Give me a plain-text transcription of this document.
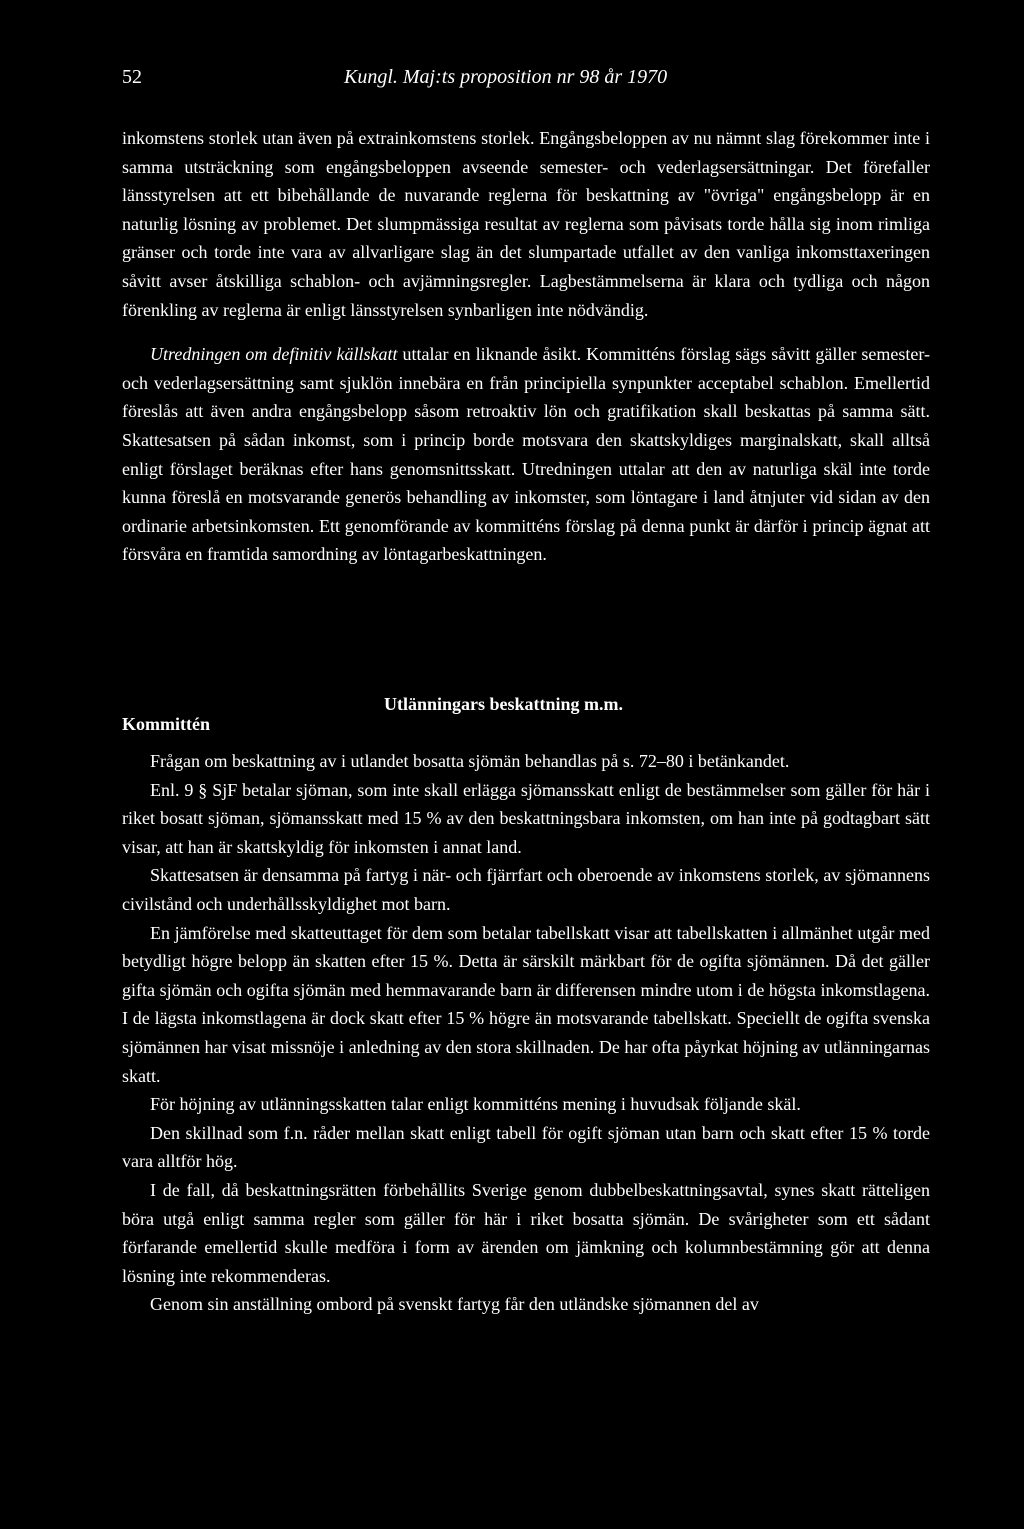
52	Kungl. Maj:ts proposition nr 98 år 1970

inkomstens storlek utan även på extrainkomstens storlek. Engångsbeloppen av nu nämnt slag förekommer inte i samma utsträckning som engångsbeloppen avseende semester- och vederlagsersättningar. Det förefaller länsstyrelsen att ett bibehållande de nuvarande reglerna för beskattning av "övriga" engångsbelopp är en naturlig lösning av problemet. Det slumpmässiga resultat av reglerna som påvisats torde hålla sig inom rimliga gränser och torde inte vara av allvarligare slag än det slumpartade utfallet av den vanliga inkomsttaxeringen såvitt avser åtskilliga schablon- och avjämningsregler. Lagbestämmelserna är klara och tydliga och någon förenkling av reglerna är enligt länsstyrelsen synbarligen inte nödvändig.

Utredningen om definitiv källskatt uttalar en liknande åsikt. Kommitténs förslag sägs såvitt gäller semester- och vederlagsersättning samt sjuklön innebära en från principiella synpunkter acceptabel schablon. Emellertid föreslås att även andra engångsbelopp såsom retroaktiv lön och gratifikation skall beskattas på samma sätt. Skattesatsen på sådan inkomst, som i princip borde motsvara den skattskyldiges marginalskatt, skall alltså enligt förslaget beräknas efter hans genomsnittsskatt. Utredningen uttalar att den av naturliga skäl inte torde kunna föreslå en motsvarande generös behandling av inkomster, som löntagare i land åtnjuter vid sidan av den ordinarie arbetsinkomsten. Ett genomförande av kommitténs förslag på denna punkt är därför i princip ägnat att försvåra en framtida samordning av löntagarbeskattningen.

Utlänningars beskattning m.m.
Kommittén

Frågan om beskattning av i utlandet bosatta sjömän behandlas på s. 72–80 i betänkandet.

Enl. 9 § SjF betalar sjöman, som inte skall erlägga sjömansskatt enligt de bestämmelser som gäller för här i riket bosatt sjöman, sjömansskatt med 15 % av den beskattningsbara inkomsten, om han inte på godtagbart sätt visar, att han är skattskyldig för inkomsten i annat land.

Skattesatsen är densamma på fartyg i när- och fjärrfart och oberoende av inkomstens storlek, av sjömannens civilstånd och underhållsskyldighet mot barn.

En jämförelse med skatteuttaget för dem som betalar tabellskatt visar att tabellskatten i allmänhet utgår med betydligt högre belopp än skatten efter 15 %. Detta är särskilt märkbart för de ogifta sjömännen. Då det gäller gifta sjömän och ogifta sjömän med hemmavarande barn är differensen mindre utom i de högsta inkomstlagena. I de lägsta inkomstlagena är dock skatt efter 15 % högre än motsvarande tabellskatt. Speciellt de ogifta svenska sjömännen har visat missnöje i anledning av den stora skillnaden. De har ofta påyrkat höjning av utlänningarnas skatt.

För höjning av utlänningsskatten talar enligt kommitténs mening i huvudsak följande skäl.

Den skillnad som f.n. råder mellan skatt enligt tabell för ogift sjöman utan barn och skatt efter 15 % torde vara alltför hög.

I de fall, då beskattningsrätten förbehållits Sverige genom dubbelbeskattningsavtal, synes skatt rätteligen böra utgå enligt samma regler som gäller för här i riket bosatta sjömän. De svårigheter som ett sådant förfarande emellertid skulle medföra i form av ärenden om jämkning och kolumnbestämning gör att denna lösning inte rekommenderas.

Genom sin anställning ombord på svenskt fartyg får den utländske sjömannen del av
